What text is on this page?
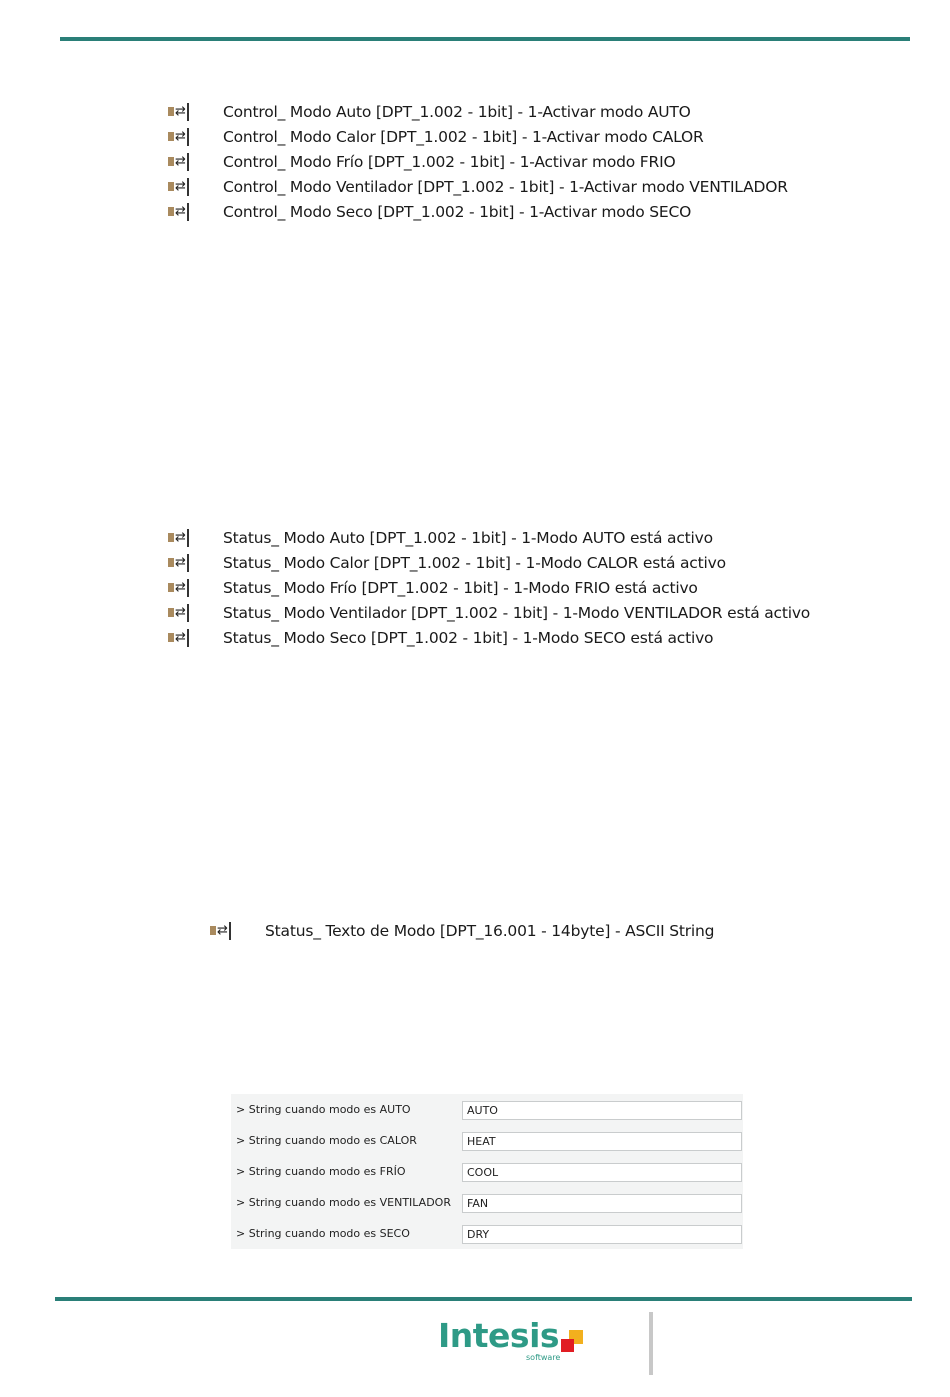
⇄ Control_ Modo Auto [DPT_1.002 - 1bit] - 1-Activar modo AUTO
⇄ Control_ Modo Calor [DPT_1.002 - 1bit] - 1-Activar modo CALOR
⇄ Control_ Modo Frío [DPT_1.002 - 1bit] - 1-Activar modo FRIO
⇄ Control_ Modo Ventilador [DPT_1.002 - 1bit] - 1-Activar modo VENTILADOR
⇄ Control_ Modo Seco [DPT_1.002 - 1bit] - 1-Activar modo SECO
⇄ Status_ Modo Auto [DPT_1.002 - 1bit] - 1-Modo AUTO está activo
⇄ Status_ Modo Calor [DPT_1.002 - 1bit] - 1-Modo CALOR está activo
⇄ Status_ Modo Frío [DPT_1.002 - 1bit] - 1-Modo FRIO está activo
⇄ Status_ Modo Ventilador [DPT_1.002 - 1bit] - 1-Modo VENTILADOR está activo
⇄ Status_ Modo Seco [DPT_1.002 - 1bit] - 1-Modo SECO está activo
⇄ Status_ Texto de Modo [DPT_16.001 - 14byte] - ASCII String
> String cuando modo es AUTO	AUTO
> String cuando modo es CALOR	HEAT
> String cuando modo es FRÍO	COOL
> String cuando modo es VENTILADOR	FAN
> String cuando modo es SECO	DRY
Intesis
software
